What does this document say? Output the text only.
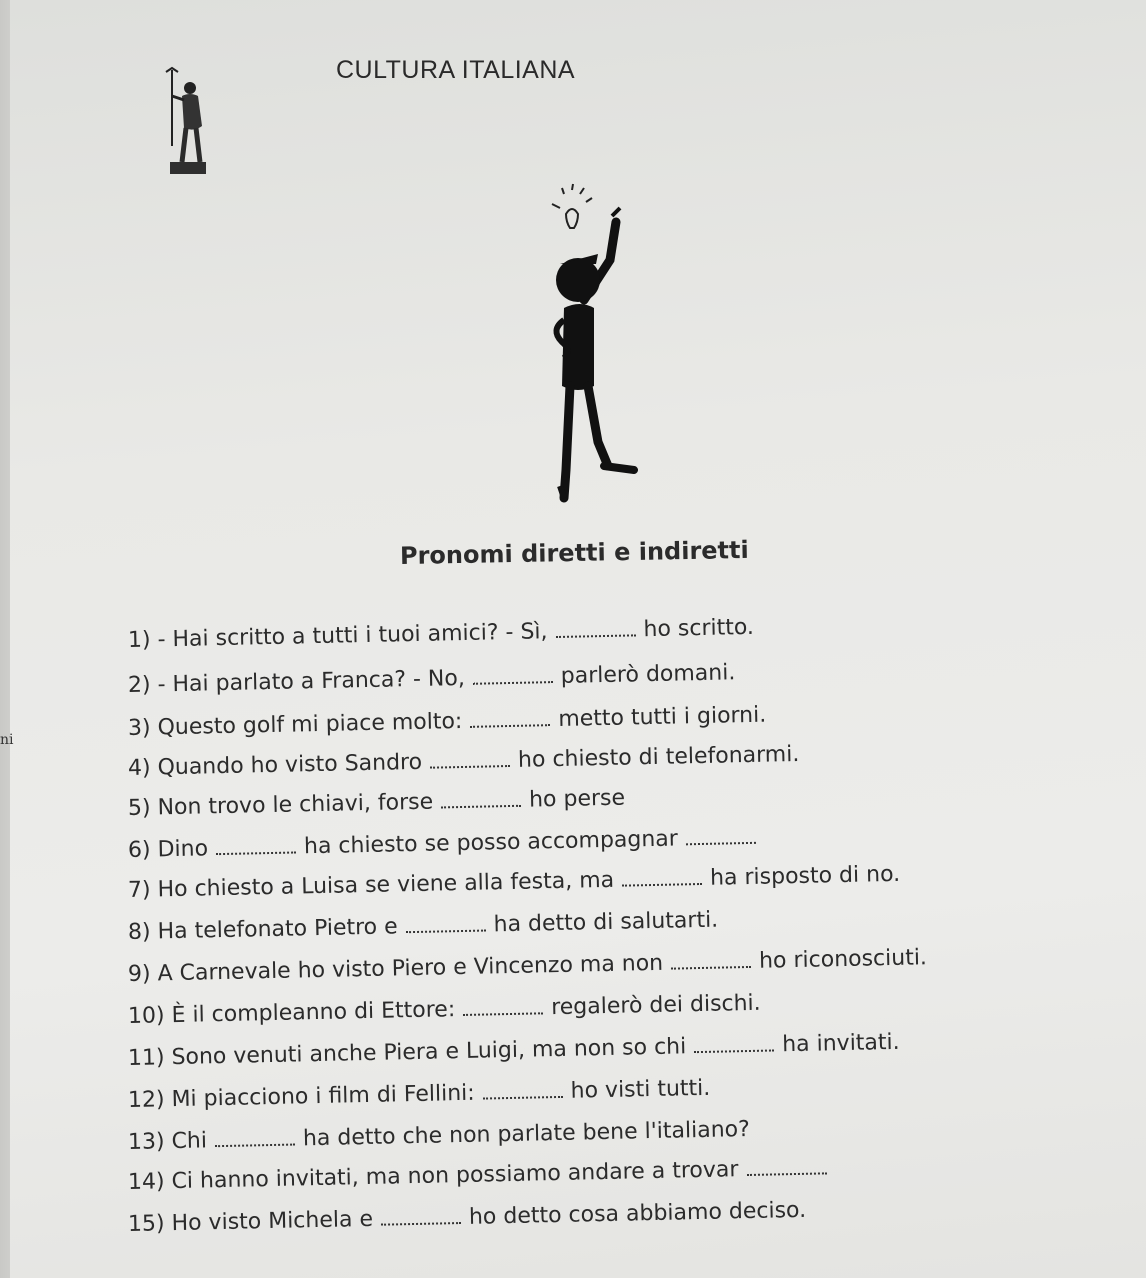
CULTURA ITALIANA
Pronomi diretti e indiretti
1) - Hai scritto a tutti i tuoi amici? - Sì,	ho scritto.
2) - Hai parlato a Franca? - No,	parlerò domani.
3) Questo golf mi piace molto:	metto tutti i giorni.
4) Quando ho visto Sandro	ho chiesto di telefonarmi.
5) Non trovo le chiavi, forse	ho perse
6) Dino	ha chiesto se posso accompagnar
7) Ho chiesto a Luisa se viene alla festa, ma	ha risposto di no.
8) Ha telefonato Pietro e	ha detto di salutarti.
9) A Carnevale ho visto Piero e Vincenzo ma non	ho riconosciuti.
10) È il compleanno di Ettore:	regalerò dei dischi.
11) Sono venuti anche Piera e Luigi, ma non so chi	ha invitati.
12) Mi piacciono i film di Fellini:	ho visti tutti.
13) Chi	ha detto che non parlate bene l'italiano?
14) Ci hanno invitati, ma non possiamo andare a trovar
15) Ho visto Michela e	ho detto cosa abbiamo deciso.
ni
